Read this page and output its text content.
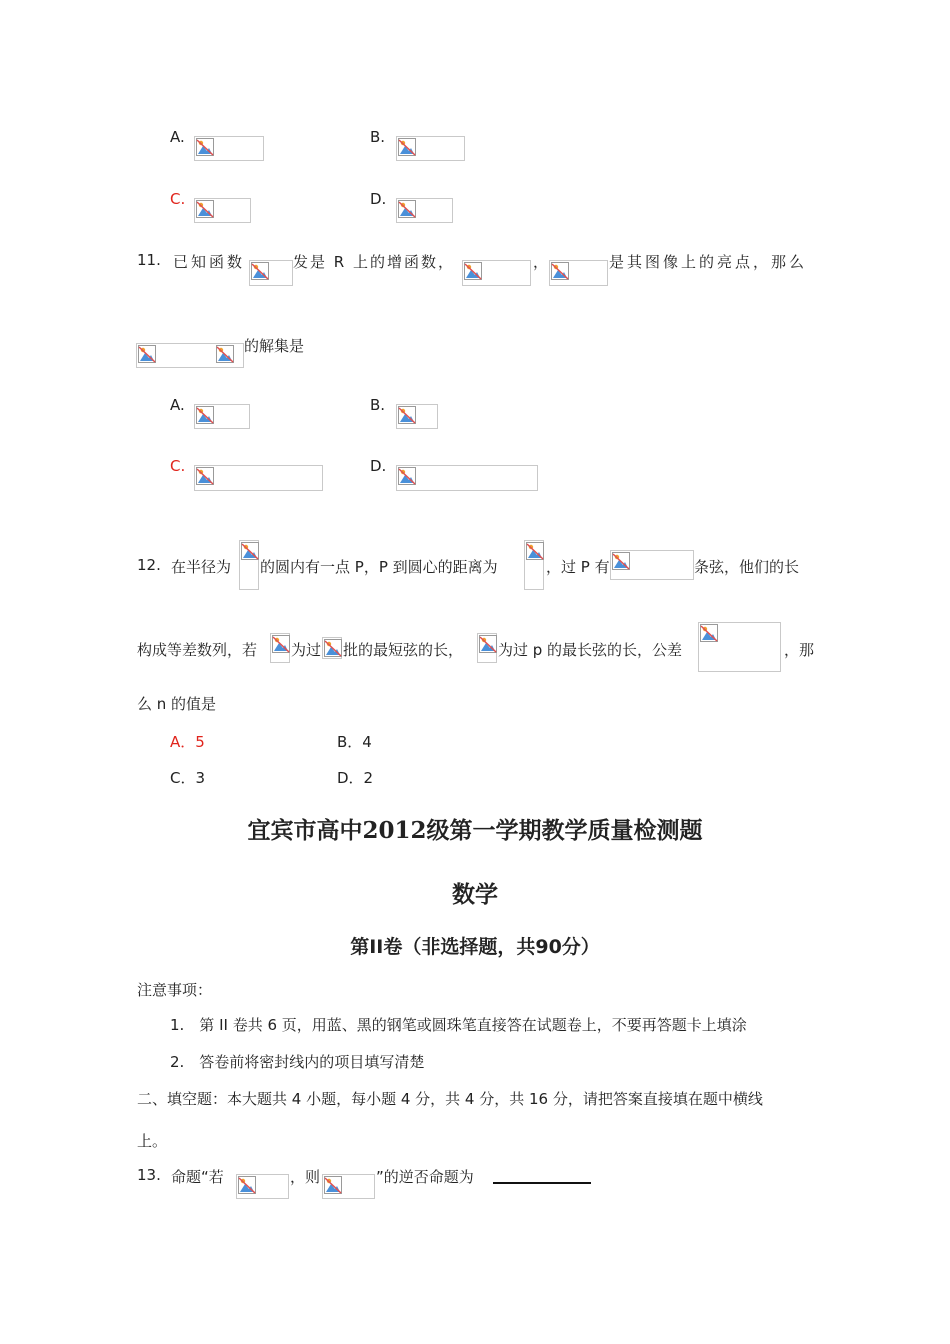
A.	B.
C.	D.
11. 已知函数	发是 R 上的增函数，	，	是其图像上的亮点，那么
的解集是
A.	B.
C.	D.
12. 在半径为 的圆内有一点 P，P 到圆心的距离为	，过 P 有	条弦，他们的长
构成等差数列，若 为过 批的最短弦的长， 为过 p 的最长弦的长，公差	，那
么 n 的值是
A．5	B．4
C．3	D．2
宜宾市高中2012级第一学期教学质量检测题
数学
第II卷（非选择题，共90分）
注意事项：
1.　第 II 卷共 6 页，用蓝、黑的钢笔或圆珠笔直接答在试题卷上，不要再答题卡上填涂
2.　答卷前将密封线内的项目填写清楚
二、填空题：本大题共 4 小题，每小题 4 分，共 4 分，共 16 分，请把答案直接填在题中横线
上。
13. 命题“若	，则	”的逆否命题为
